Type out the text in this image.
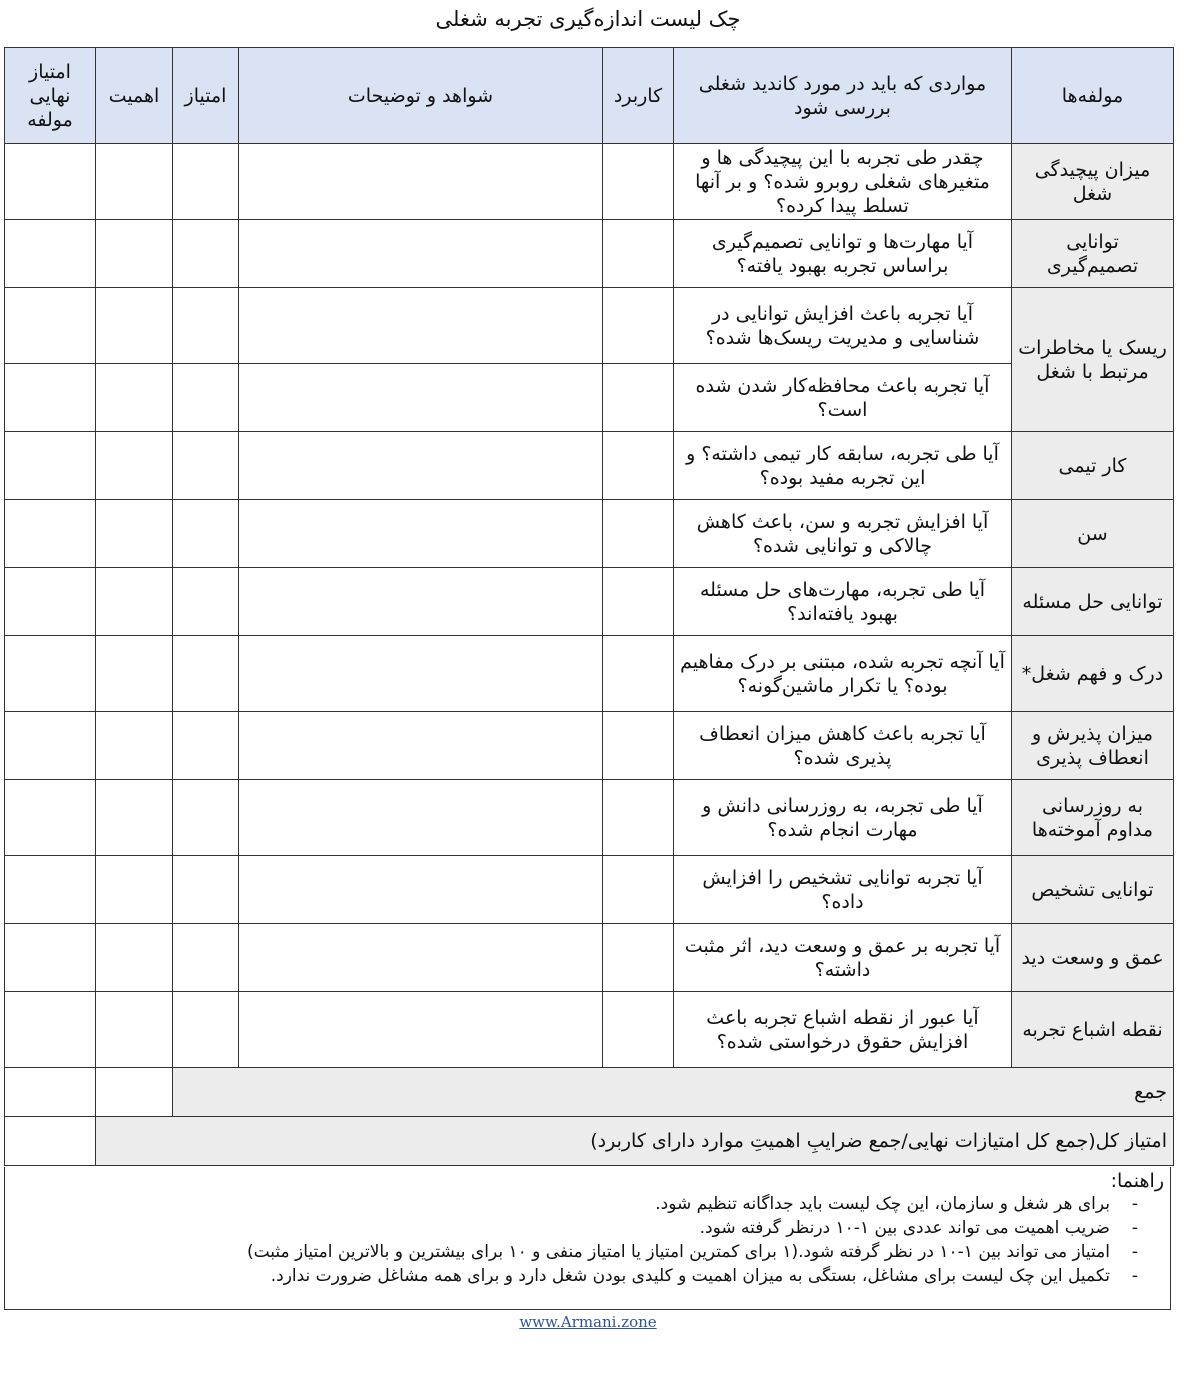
چک لیست اندازه‌گیری تجربه شغلی
مولفه‌ها	مواردی که باید در مورد کاندید شغلی بررسی شود	کاربرد	شواهد و توضیحات	امتیاز	اهمیت	امتیاز نهایی مولفه
میزان پیچیدگی شغل	چقدر طی تجربه با این پیچیدگی ها و متغیرهای شغلی روبرو شده؟ و بر آنها تسلط پیدا کرده؟					
توانایی تصمیم‌گیری	آیا مهارت‌ها و توانایی تصمیم‌گیری براساس تجربه بهبود یافته؟					
ریسک یا مخاطرات مرتبط با شغل	آیا تجربه باعث افزایش توانایی در شناسایی و مدیریت ریسک‌ها شده؟					
	آیا تجربه باعث محافظه‌کار شدن شده است؟					
کار تیمی	آیا طی تجربه، سابقه کار تیمی داشته؟ و این تجربه مفید بوده؟					
سن	آیا افزایش تجربه و سن، باعث کاهش چالاکی و توانایی شده؟					
توانایی حل مسئله	آیا طی تجربه، مهارت‌های حل مسئله بهبود یافته‌اند؟					
درک و فهم شغل*	آیا آنچه تجربه شده، مبتنی بر درک مفاهیم بوده؟ یا تکرار ماشین‌گونه؟					
میزان پذیرش و انعطاف پذیری	آیا تجربه باعث کاهش میزان انعطاف پذیری شده؟					
به روزرسانی مداوم آموخته‌ها	آیا طی تجربه، به روزرسانی دانش و مهارت انجام شده؟					
توانایی تشخیص	آیا تجربه توانایی تشخیص را افزایش داده؟					
عمق و وسعت دید	آیا تجربه بر عمق و وسعت دید، اثر مثبت داشته؟					
نقطه اشباع تجربه	آیا عبور از نقطه اشباع تجربه باعث افزایش حقوق درخواستی شده؟					
جمع						
امتیاز کل(جمع کل امتیازات نهایی/جمع ضرایبِ اهمیتِ موارد دارای کاربرد)						
راهنما:
-
برای هر شغل و سازمان، این چک لیست باید جداگانه تنظیم شود.
-
ضریب اهمیت می تواند عددی بین ۱-۱۰ درنظر گرفته شود.
-
امتیاز می تواند بین ۱-۱۰ در نظر گرفته شود.(۱ برای کمترین امتیاز یا امتیاز منفی و ۱۰ برای بیشترین و بالاترین امتیاز مثبت)
-
تکمیل این چک لیست برای مشاغل، بستگی به میزان اهمیت و کلیدی بودن شغل دارد و برای همه مشاغل ضرورت ندارد.
www.Armani.zone
